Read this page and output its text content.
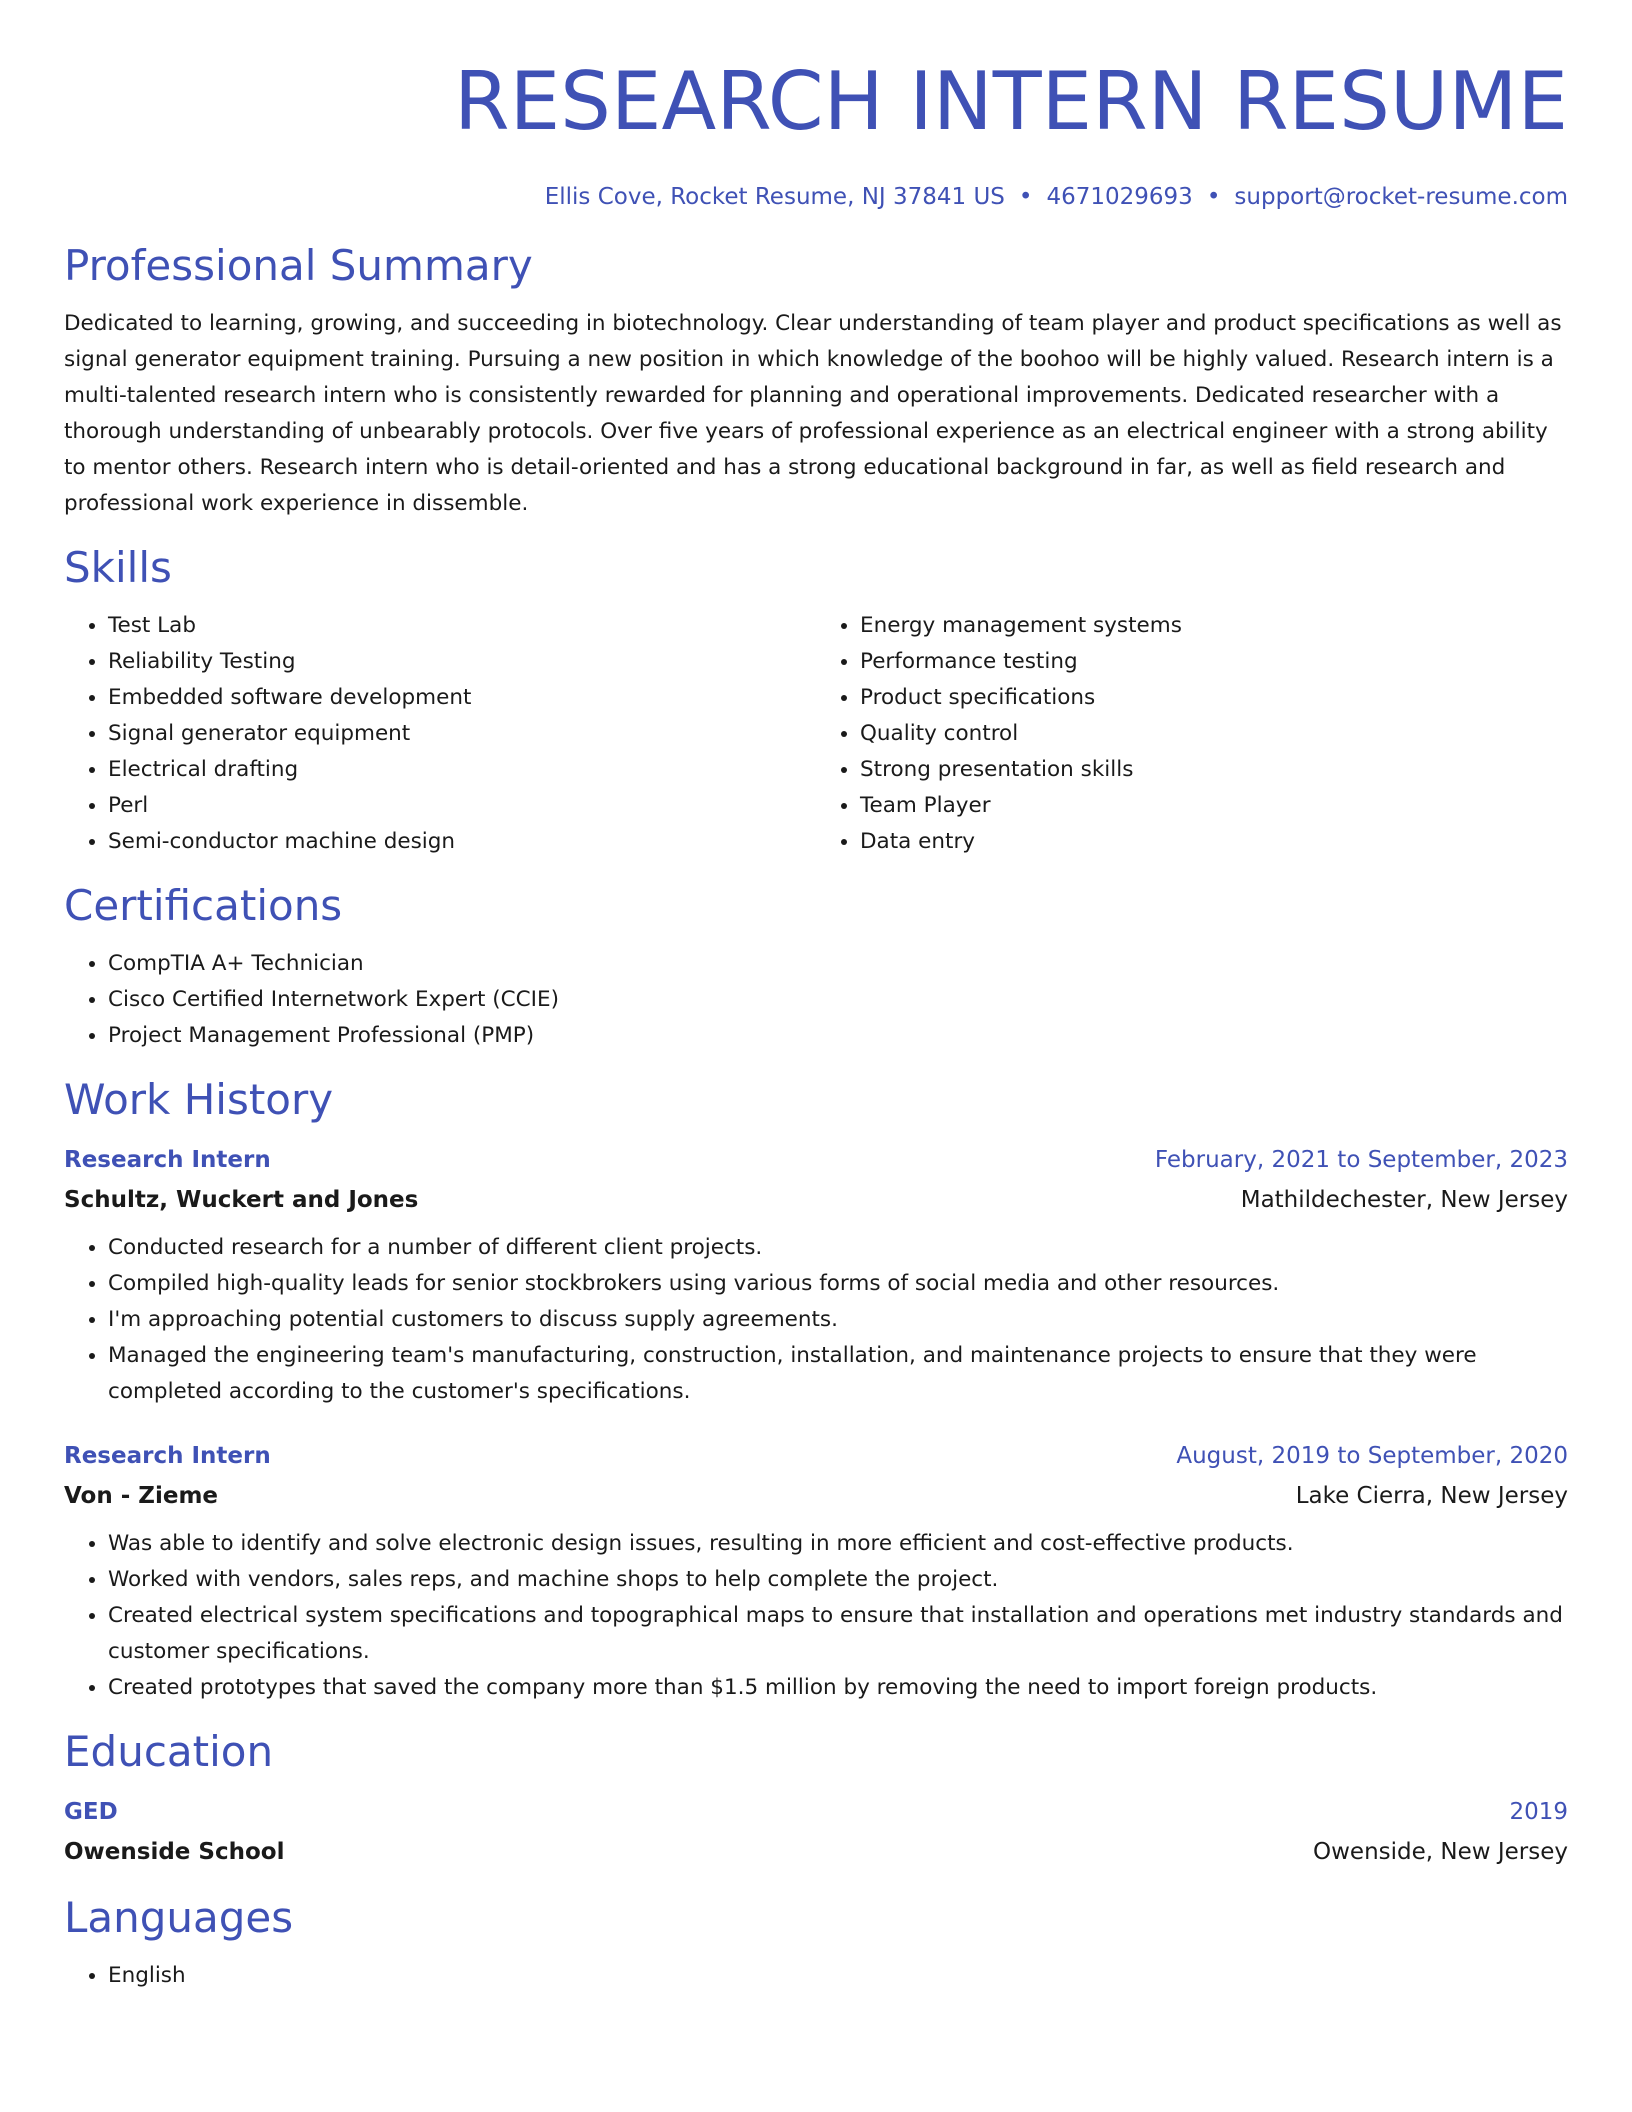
RESEARCH INTERN RESUME
Ellis Cove, Rocket Resume, NJ 37841 US • 4671029693 • support@rocket-resume.com
Professional Summary

Dedicated to learning, growing, and succeeding in biotechnology. Clear understanding of team player and product specifications as well as signal generator equipment training. Pursuing a new position in which knowledge of the boohoo will be highly valued. Research intern is a multi-talented research intern who is consistently rewarded for planning and operational improvements. Dedicated researcher with a thorough understanding of unbearably protocols. Over five years of professional experience as an electrical engineer with a strong ability to mentor others. Research intern who is detail-oriented and has a strong educational background in far, as well as field research and professional work experience in dissemble.

Skills
• Test Lab
• Reliability Testing
• Embedded software development
• Signal generator equipment
• Electrical drafting
• Perl
• Semi-conductor machine design
• Energy management systems
• Performance testing
• Product specifications
• Quality control
• Strong presentation skills
• Team Player
• Data entry
Certifications
• CompTIA A+ Technician
• Cisco Certified Internetwork Expert (CCIE)
• Project Management Professional (PMP)
Work History
Research Intern	February, 2021 to September, 2023
Schultz, Wuckert and Jones	Mathildechester, New Jersey
• Conducted research for a number of different client projects.
• Compiled high-quality leads for senior stockbrokers using various forms of social media and other resources.
• I'm approaching potential customers to discuss supply agreements.
• Managed the engineering team's manufacturing, construction, installation, and maintenance projects to ensure that they were completed according to the customer's specifications.
Research Intern	August, 2019 to September, 2020
Von - Zieme	Lake Cierra, New Jersey
• Was able to identify and solve electronic design issues, resulting in more efficient and cost-effective products.
• Worked with vendors, sales reps, and machine shops to help complete the project.
• Created electrical system specifications and topographical maps to ensure that installation and operations met industry standards and customer specifications.
• Created prototypes that saved the company more than $1.5 million by removing the need to import foreign products.
Education
GED	2019
Owenside School	Owenside, New Jersey
Languages
• English
